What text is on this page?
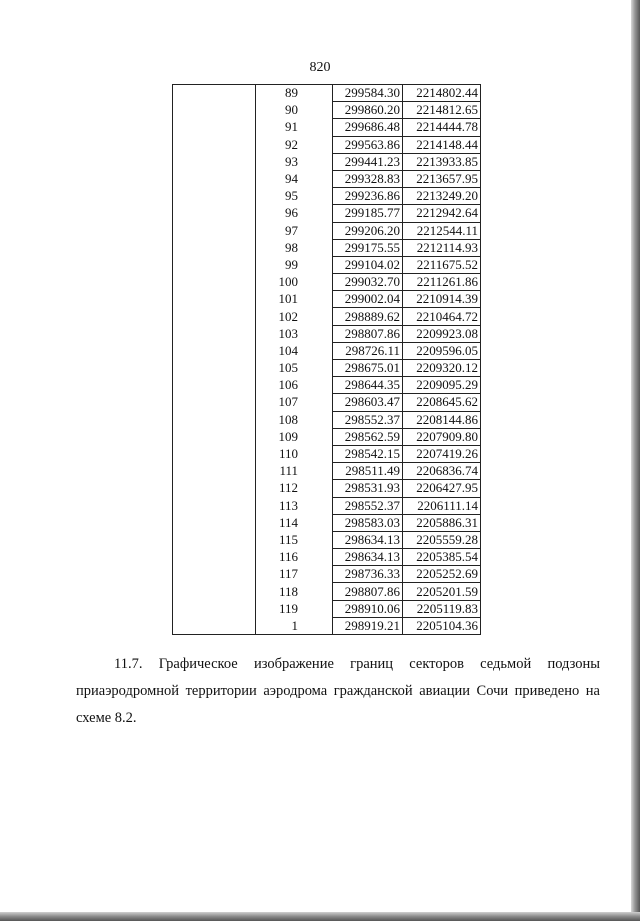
820
	89	299584.30	2214802.44
	90	299860.20	2214812.65
	91	299686.48	2214444.78
	92	299563.86	2214148.44
	93	299441.23	2213933.85
	94	299328.83	2213657.95
	95	299236.86	2213249.20
	96	299185.77	2212942.64
	97	299206.20	2212544.11
	98	299175.55	2212114.93
	99	299104.02	2211675.52
	100	299032.70	2211261.86
	101	299002.04	2210914.39
	102	298889.62	2210464.72
	103	298807.86	2209923.08
	104	298726.11	2209596.05
	105	298675.01	2209320.12
	106	298644.35	2209095.29
	107	298603.47	2208645.62
	108	298552.37	2208144.86
	109	298562.59	2207909.80
	110	298542.15	2207419.26
	111	298511.49	2206836.74
	112	298531.93	2206427.95
	113	298552.37	2206111.14
	114	298583.03	2205886.31
	115	298634.13	2205559.28
	116	298634.13	2205385.54
	117	298736.33	2205252.69
	118	298807.86	2205201.59
	119	298910.06	2205119.83
	1	298919.21	2205104.36
11.7. Графическое изображение границ секторов седьмой подзоны
приаэродромной территории аэродрома гражданской авиации Сочи приведено на
схеме 8.2.
